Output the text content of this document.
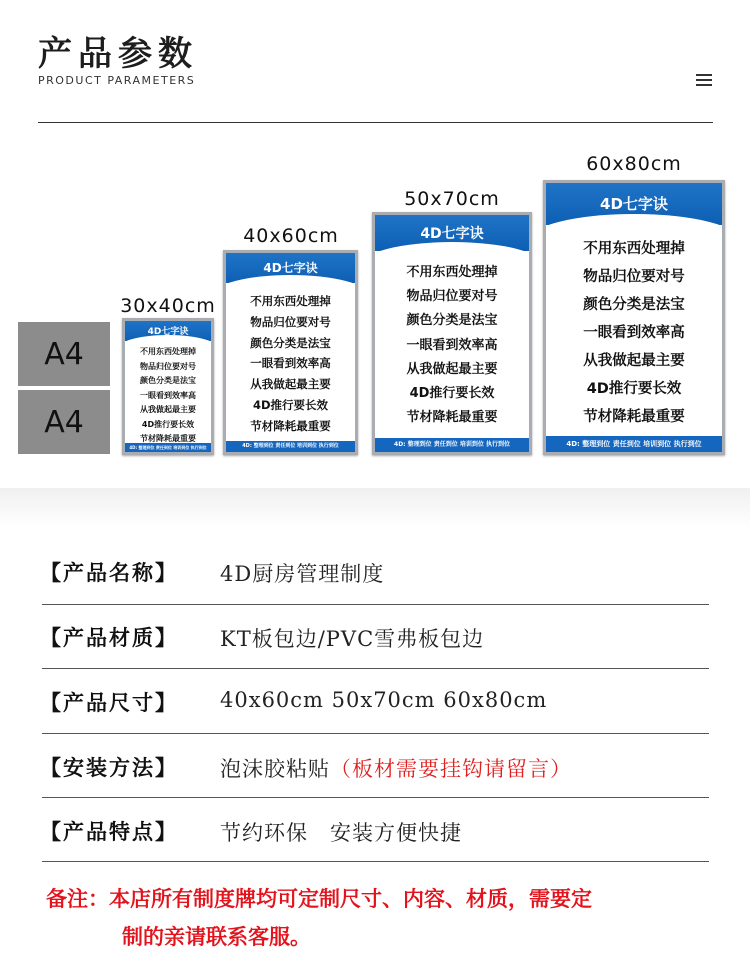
产品参数
PRODUCT PARAMETERS
A4
A4
30x40cm
4D七字诀
不用东西处理掉
物品归位要对号
颜色分类是法宝
一眼看到效率高
从我做起最主要
4D推行要长效
节材降耗最重要
4D: 整理到位 责任到位 培训到位 执行到位
40x60cm
4D七字诀
不用东西处理掉
物品归位要对号
颜色分类是法宝
一眼看到效率高
从我做起最主要
4D推行要长效
节材降耗最重要
4D: 整理到位 责任到位 培训到位 执行到位
50x70cm
4D七字诀
不用东西处理掉
物品归位要对号
颜色分类是法宝
一眼看到效率高
从我做起最主要
4D推行要长效
节材降耗最重要
4D: 整理到位 责任到位 培训到位 执行到位
60x80cm
4D七字诀
不用东西处理掉
物品归位要对号
颜色分类是法宝
一眼看到效率高
从我做起最主要
4D推行要长效
节材降耗最重要
4D: 整理到位 责任到位 培训到位 执行到位
【产品名称】 4D厨房管理制度
【产品材质】 KT板包边/PVC雪弗板包边
【产品尺寸】 40x60cm 50x70cm 60x80cm
【安装方法】 泡沫胶粘贴（板材需要挂钩请留言）
【产品特点】 节约环保　安装方便快捷
备注：本店所有制度牌均可定制尺寸、内容、材质，需要定
制的亲请联系客服。
